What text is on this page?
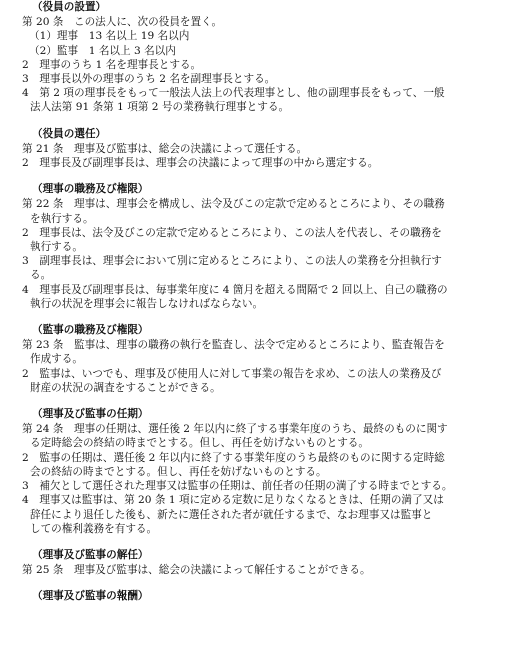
（役員の設置）

第 20 条　この法人に、次の役員を置く。

（1）理事　13 名以上 19 名以内

（2）監事　1 名以上 3 名以内

2　理事のうち 1 名を理事長とする。

3　理事長以外の理事のうち 2 名を副理事長とする。

4　第 2 項の理事長をもって一般法人法上の代表理事とし、他の副理事長をもって、一般

法人法第 91 条第 1 項第 2 号の業務執行理事とする。

（役員の選任）

第 21 条　理事及び監事は、総会の決議によって選任する。

2　理事長及び副理事長は、理事会の決議によって理事の中から選定する。

（理事の職務及び権限）

第 22 条　理事は、理事会を構成し、法令及びこの定款で定めるところにより、その職務

を執行する。

2　理事長は、法令及びこの定款で定めるところにより、この法人を代表し、その職務を

執行する。

3　副理事長は、理事会において別に定めるところにより、この法人の業務を分担執行す

る。

4　理事長及び副理事長は、毎事業年度に 4 箇月を超える間隔で 2 回以上、自己の職務の

執行の状況を理事会に報告しなければならない。

（監事の職務及び権限）

第 23 条　監事は、理事の職務の執行を監査し、法令で定めるところにより、監査報告を

作成する。

2　監事は、いつでも、理事及び使用人に対して事業の報告を求め、この法人の業務及び

財産の状況の調査をすることができる。

（理事及び監事の任期）

第 24 条　理事の任期は、選任後 2 年以内に終了する事業年度のうち、最終のものに関す

る定時総会の終結の時までとする。但し、再任を妨げないものとする。

2　監事の任期は、選任後 2 年以内に終了する事業年度のうち最終のものに関する定時総

会の終結の時までとする。但し、再任を妨げないものとする。

3　補欠として選任された理事又は監事の任期は、前任者の任期の満了する時までとする。

4　理事又は監事は、第 20 条 1 項に定める定数に足りなくなるときは、任期の満了又は

辞任により退任した後も、新たに選任された者が就任するまで、なお理事又は監事と

しての権利義務を有する。

（理事及び監事の解任）

第 25 条　理事及び監事は、総会の決議によって解任することができる。

（理事及び監事の報酬）
